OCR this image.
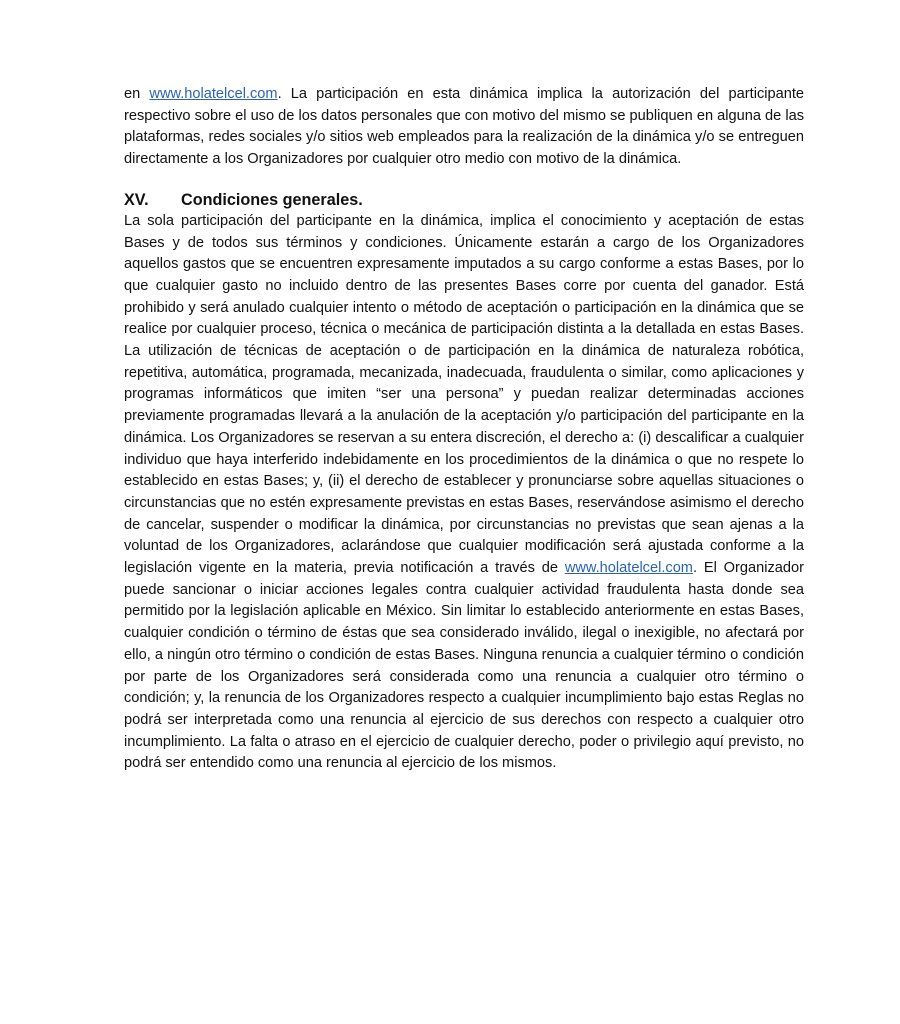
en www.holatelcel.com. La participación en esta dinámica implica la autorización del participante respectivo sobre el uso de los datos personales que con motivo del mismo se publiquen en alguna de las plataformas, redes sociales y/o sitios web empleados para la realización de la dinámica y/o se entreguen directamente a los Organizadores por cualquier otro medio con motivo de la dinámica.

XV.	Condiciones generales.

La sola participación del participante en la dinámica, implica el conocimiento y aceptación de estas Bases y de todos sus términos y condiciones. Únicamente estarán a cargo de los Organizadores aquellos gastos que se encuentren expresamente imputados a su cargo conforme a estas Bases, por lo que cualquier gasto no incluido dentro de las presentes Bases corre por cuenta del ganador. Está prohibido y será anulado cualquier intento o método de aceptación o participación en la dinámica que se realice por cualquier proceso, técnica o mecánica de participación distinta a la detallada en estas Bases. La utilización de técnicas de aceptación o de participación en la dinámica de naturaleza robótica, repetitiva, automática, programada, mecanizada, inadecuada, fraudulenta o similar, como aplicaciones y programas informáticos que imiten “ser una persona” y puedan realizar determinadas acciones previamente programadas llevará a la anulación de la aceptación y/o participación del participante en la dinámica. Los Organizadores se reservan a su entera discreción, el derecho a: (i) descalificar a cualquier individuo que haya interferido indebidamente en los procedimientos de la dinámica o que no respete lo establecido en estas Bases; y, (ii) el derecho de establecer y pronunciarse sobre aquellas situaciones o circunstancias que no estén expresamente previstas en estas Bases, reservándose asimismo el derecho de cancelar, suspender o modificar la dinámica, por circunstancias no previstas que sean ajenas a la voluntad de los Organizadores, aclarándose que cualquier modificación será ajustada conforme a la legislación vigente en la materia, previa notificación a través de www.holatelcel.com. El Organizador puede sancionar o iniciar acciones legales contra cualquier actividad fraudulenta hasta donde sea permitido por la legislación aplicable en México. Sin limitar lo establecido anteriormente en estas Bases, cualquier condición o término de éstas que sea considerado inválido, ilegal o inexigible, no afectará por ello, a ningún otro término o condición de estas Bases. Ninguna renuncia a cualquier término o condición por parte de los Organizadores será considerada como una renuncia a cualquier otro término o condición; y, la renuncia de los Organizadores respecto a cualquier incumplimiento bajo estas Reglas no podrá ser interpretada como una renuncia al ejercicio de sus derechos con respecto a cualquier otro incumplimiento. La falta o atraso en el ejercicio de cualquier derecho, poder o privilegio aquí previsto, no podrá ser entendido como una renuncia al ejercicio de los mismos.
